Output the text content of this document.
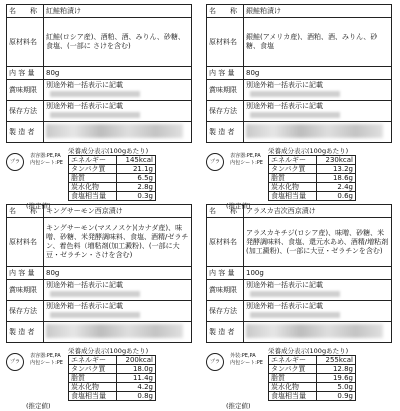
名　　称	紅鮭粕漬け
原材料名	紅鮭(ロシア産)、酒粕、酒、みりん、砂糖、食塩、(一部に さけを含む)
内 容 量	80g
賞味期限	別途外箱一括表示に記載
保存方法	別途外箱一括表示に記載
製 造 者	
プラ 表容器:PE,PA
内包シート:PE
栄養成分表示(100gあたり)
エネルギー	145kcal
タンパク質	21.1g
脂質	6.5g
炭水化物	2.8g
食塩相当量	0.3g
(推定値)
名　　称	銀鮭粕漬け
原材料名	銀鮭(アメリカ産)、酒粕、酒、みりん、砂糖、食塩
内 容 量	80g
賞味期限	別途外箱一括表示に記載
保存方法	別途外箱一括表示に記載
製 造 者	
プラ 表容器:PE,PA
内包シート:PE
栄養成分表示(100gあたり)
エネルギー	230kcal
タンパク質	13.2g
脂質	18.6g
炭水化物	2.4g
食塩相当量	0.6g
(推定値)
名　　称	キングサーモン西京漬け
原材料名	キングサーモン(マスノスケ)(カナダ産)、味噌、砂糖、米発酵調味料、食塩、酒精/ゼラチン、着色料（増粘剤(加工澱粉)、(一部に大豆・ゼラチン・さけを含む)
内 容 量	80g
賞味期限	別途外箱一括表示に記載
保存方法	別途外箱一括表示に記載
製 造 者	
プラ 表容器:PE,PA
内包シート:PE
栄養成分表示(100gあたり)
エネルギー	200kcal
タンパク質	18.0g
脂質	11.4g
炭水化物	4.2g
食塩相当量	0.8g
(推定値)
名　　称	アラスカ吉次西京漬け
原材料名	アラスカキチジ(ロシア産)、味噌、砂糖、米発酵調味料、食塩、還元水あめ、酒精/増粘剤(加工澱粉)、(一部に大豆・ゼラチンを含む)
内 容 量	100g
賞味期限	別途外箱一括表示に記載
保存方法	別途外箱一括表示に記載
製 造 者	
プラ 外装:PE,PA
内包シート:PE
栄養成分表示(100gあたり)
エネルギー	255kcal
タンパク質	12.8g
脂質	19.6g
炭水化物	5.0g
食塩相当量	0.9g
(推定値)
